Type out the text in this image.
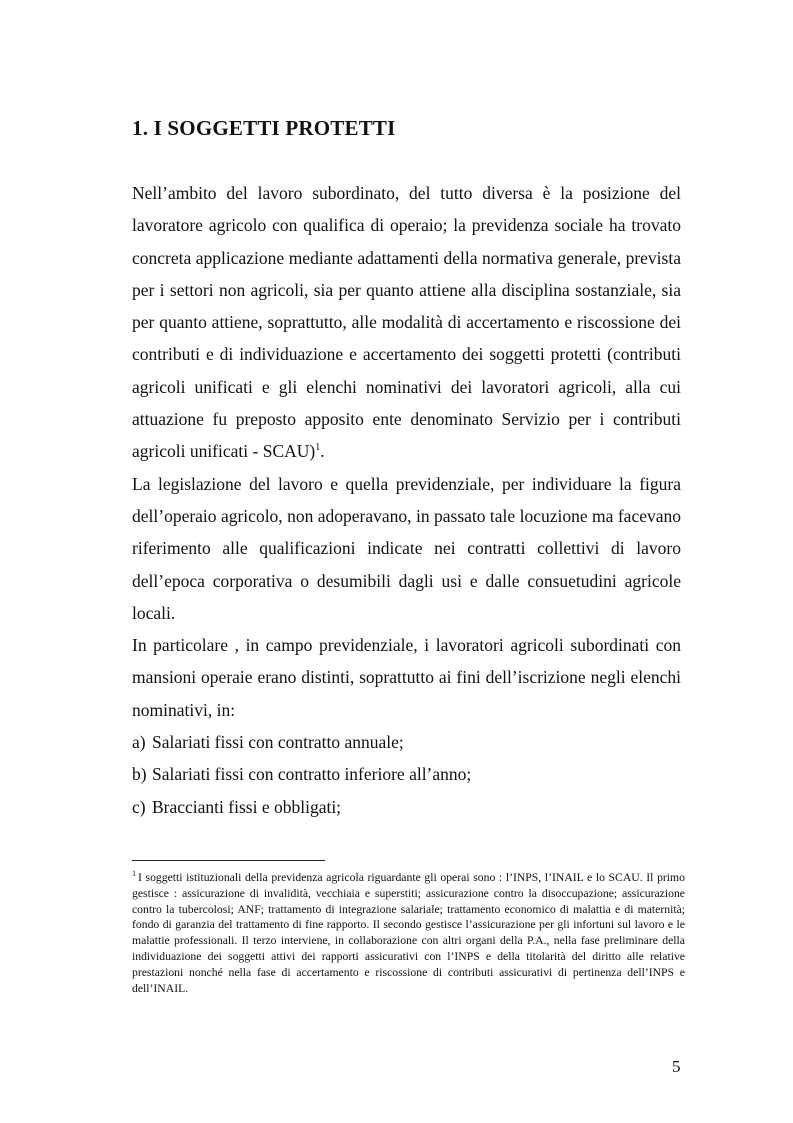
1. I SOGGETTI PROTETTI

Nell’ambito del lavoro subordinato, del tutto diversa è la posizione del lavoratore agricolo con qualifica di operaio; la previdenza sociale ha trovato concreta applicazione mediante adattamenti della normativa generale, prevista per i settori non agricoli, sia per quanto attiene alla disciplina sostanziale, sia per quanto attiene, soprattutto, alle modalità di accertamento e riscossione dei contributi e di individuazione e accertamento dei soggetti protetti (contributi agricoli unificati e gli elenchi nominativi dei lavoratori agricoli, alla cui attuazione fu preposto apposito ente denominato Servizio per i contributi agricoli unificati - SCAU)$^1$.

La legislazione del lavoro e quella previdenziale, per individuare la figura dell’operaio agricolo, non adoperavano, in passato tale locuzione ma facevano riferimento alle qualificazioni indicate nei contratti collettivi di lavoro dell’epoca corporativa o desumibili dagli usi e dalle consuetudini agricole locali.

In particolare , in campo previdenziale, i lavoratori agricoli subordinati con mansioni operaie erano distinti, soprattutto ai fini dell’iscrizione negli elenchi nominativi, in:

a) Salariati fissi con contratto annuale;

b) Salariati fissi con contratto inferiore all’anno;

c) Braccianti fissi e obbligati;

$^1$ I soggetti istituzionali della previdenza agricola riguardante gli operai sono : l’INPS, l’INAIL e lo SCAU. Il primo gestisce : assicurazione di invalidità, vecchiaia e superstiti; assicurazione contro la disoccupazione; assicurazione contro la tubercolosi; ANF; trattamento di integrazione salariale; trattamento economico di malattia e di maternità; fondo di garanzia del trattamento di fine rapporto. Il secondo gestisce l’assicurazione per gli infortuni sul lavoro e le malattie professionali. Il terzo interviene, in collaborazione con altri organi della P.A., nella fase preliminare della individuazione dei soggetti attivi dei rapporti assicurativi con l’INPS e della titolarità del diritto alle relative prestazioni nonché nella fase di accertamento e riscossione di contributi assicurativi di pertinenza dell’INPS e dell’INAIL.

5
